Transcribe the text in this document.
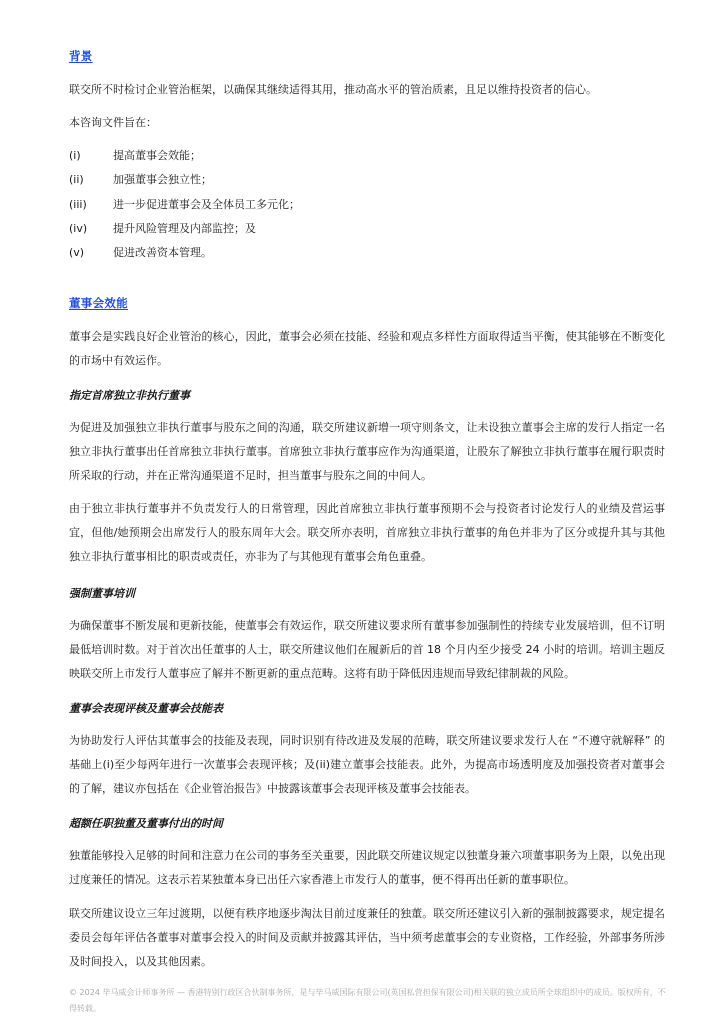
背景

联交所不时检讨企业管治框架，以确保其继续适得其用，推动高水平的管治质素，且足以维持投资者的信心。

本咨询文件旨在：

(i)	提高董事会效能；
(ii)	加强董事会独立性；
(iii) 进一步促进董事会及全体员工多元化；
(iv) 提升风险管理及内部监控；及
(v)	促进改善资本管理。
董事会效能

董事会是实践良好企业管治的核心，因此，董事会必须在技能、经验和观点多样性方面取得适当平衡，使其能够在不断变化的市场中有效运作。

指定首席独立非执行董事

为促进及加强独立非执行董事与股东之间的沟通，联交所建议新增一项守则条文，让未设独立董事会主席的发行人指定一名独立非执行董事出任首席独立非执行董事。首席独立非执行董事应作为沟通渠道，让股东了解独立非执行董事在履行职责时所采取的行动，并在正常沟通渠道不足时，担当董事与股东之间的中间人。

由于独立非执行董事并不负责发行人的日常管理，因此首席独立非执行董事预期不会与投资者讨论发行人的业绩及营运事宜，但他/她预期会出席发行人的股东周年大会。联交所亦表明，首席独立非执行董事的角色并非为了区分或提升其与其他独立非执行董事相比的职责或责任，亦非为了与其他现有董事会角色重叠。

强制董事培训

为确保董事不断发展和更新技能，使董事会有效运作，联交所建议要求所有董事参加强制性的持续专业发展培训，但不订明最低培训时数。对于首次出任董事的人士，联交所建议他们在履新后的首 18 个月内至少接受 24 小时的培训。培训主题反映联交所上市发行人董事应了解并不断更新的重点范畴。这将有助于降低因违规而导致纪律制裁的风险。

董事会表现评核及董事会技能表

为协助发行人评估其董事会的技能及表现，同时识别有待改进及发展的范畴，联交所建议要求发行人在 “不遵守就解释” 的基础上(i)至少每两年进行一次董事会表现评核；及(ii)建立董事会技能表。此外，为提高市场透明度及加强投资者对董事会的了解，建议亦包括在《企业管治报告》中披露该董事会表现评核及董事会技能表。

超额任职独董及董事付出的时间

独董能够投入足够的时间和注意力在公司的事务至关重要，因此联交所建议规定以独董身兼六项董事职务为上限，以免出现过度兼任的情况。这表示若某独董本身已出任六家香港上市发行人的董事，便不得再出任新的董事职位。

联交所建议设立三年过渡期，以便有秩序地逐步淘汰目前过度兼任的独董。联交所还建议引入新的强制披露要求，规定提名委员会每年评估各董事对董事会投入的时间及贡献并披露其评估，当中须考虑董事会的专业资格，工作经验，外部事务所涉及时间投入，以及其他因素。

© 2024 毕马威会计师事务所 — 香港特别行政区合伙制事务所，是与毕马威国际有限公司(英国私营担保有限公司)相关联的独立成员所全球组织中的成员。版权所有，不得转载。
